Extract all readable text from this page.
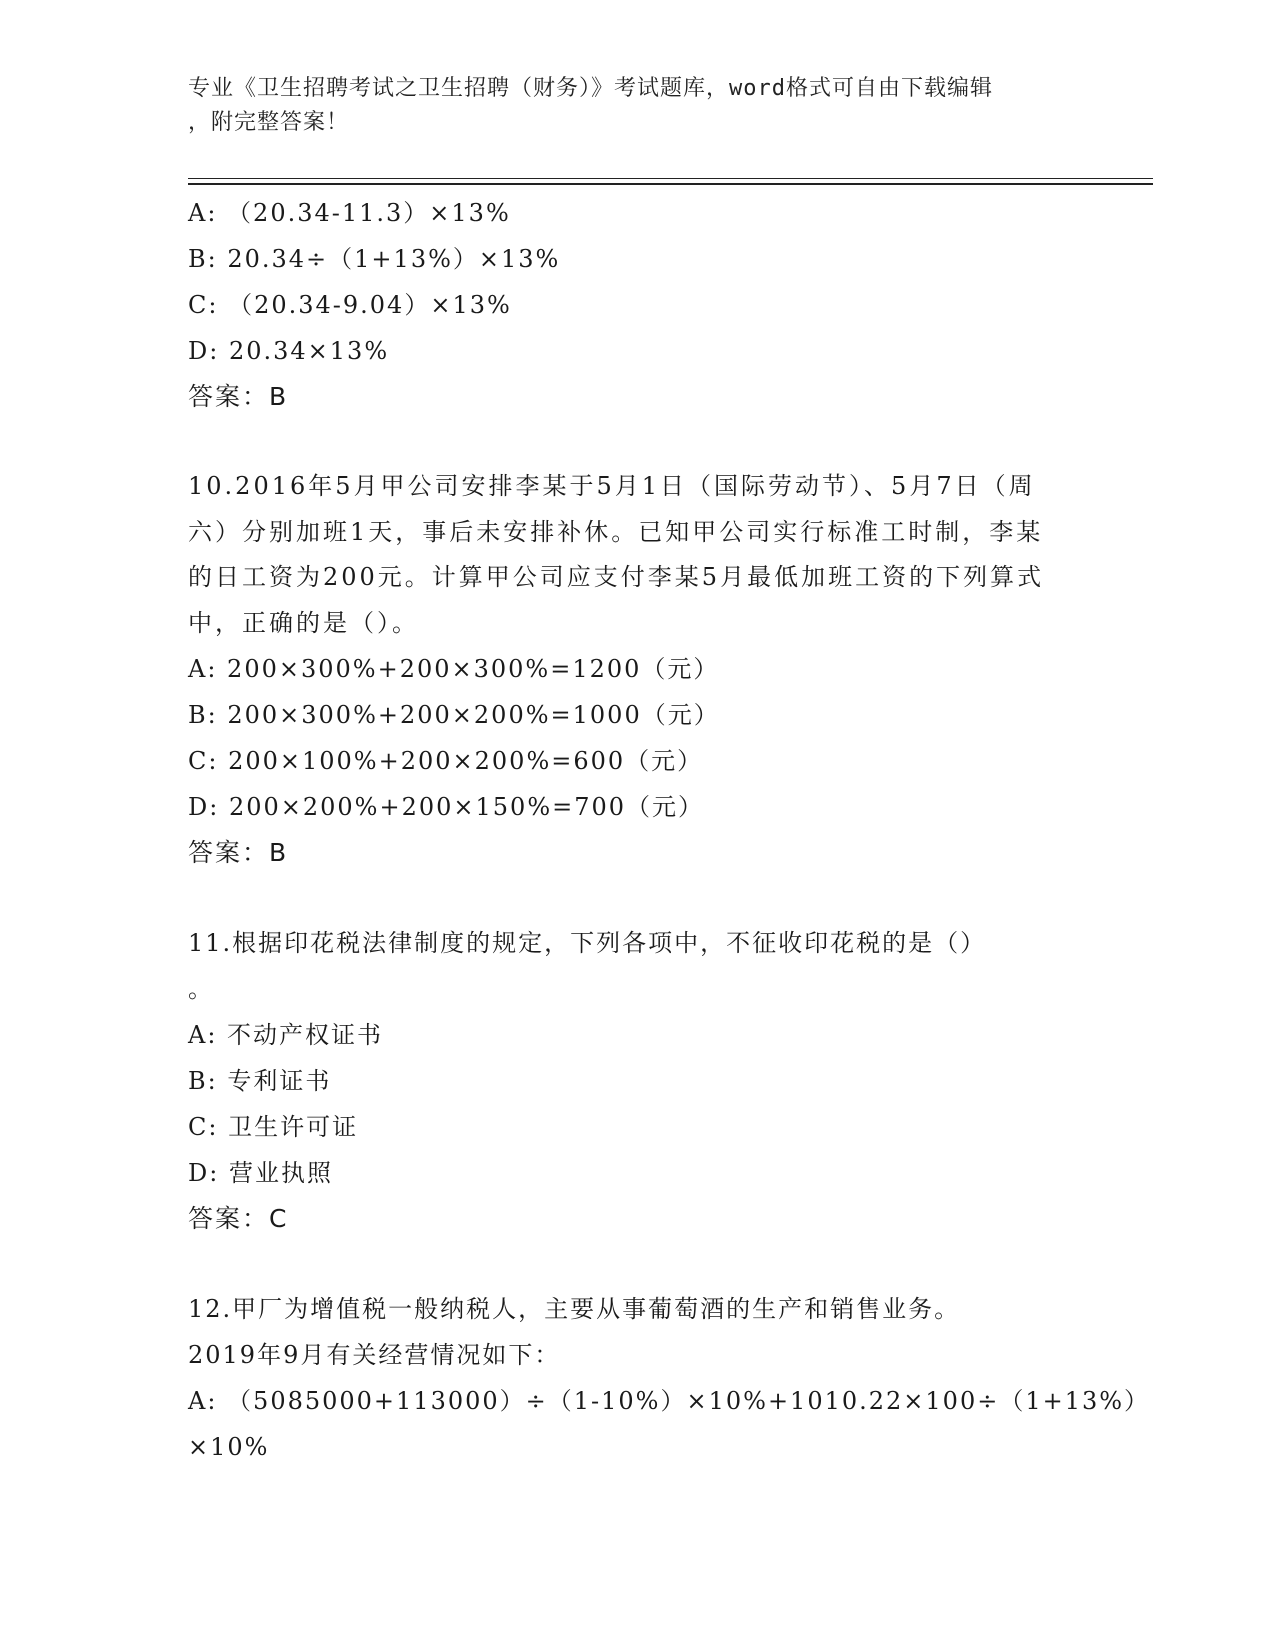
专业《卫生招聘考试之卫生招聘（财务）》考试题库，word格式可自由下载编辑
，附完整答案！
A: （20.34-11.3）×13%
B: 20.34÷（1+13%）×13%
C: （20.34-9.04）×13%
D: 20.34×13%
答案：B
10.2016年5月甲公司安排李某于5月1日（国际劳动节）、5月7日（周六）分别加班1天，事后未安排补休。已知甲公司实行标准工时制，李某的日工资为200元。计算甲公司应支付李某5月最低加班工资的下列算式中，正确的是（）。
A: 200×300%+200×300%=1200（元）
B: 200×300%+200×200%=1000（元）
C: 200×100%+200×200%=600（元）
D: 200×200%+200×150%=700（元）
答案：B
11.根据印花税法律制度的规定，下列各项中，不征收印花税的是（）
。
A: 不动产权证书
B: 专利证书
C: 卫生许可证
D: 营业执照
答案：C
12.甲厂为增值税一般纳税人，主要从事葡萄酒的生产和销售业务。
2019年9月有关经营情况如下：
A: （5085000+113000）÷（1-10%）×10%+1010.22×100÷（1+13%）
×10%
